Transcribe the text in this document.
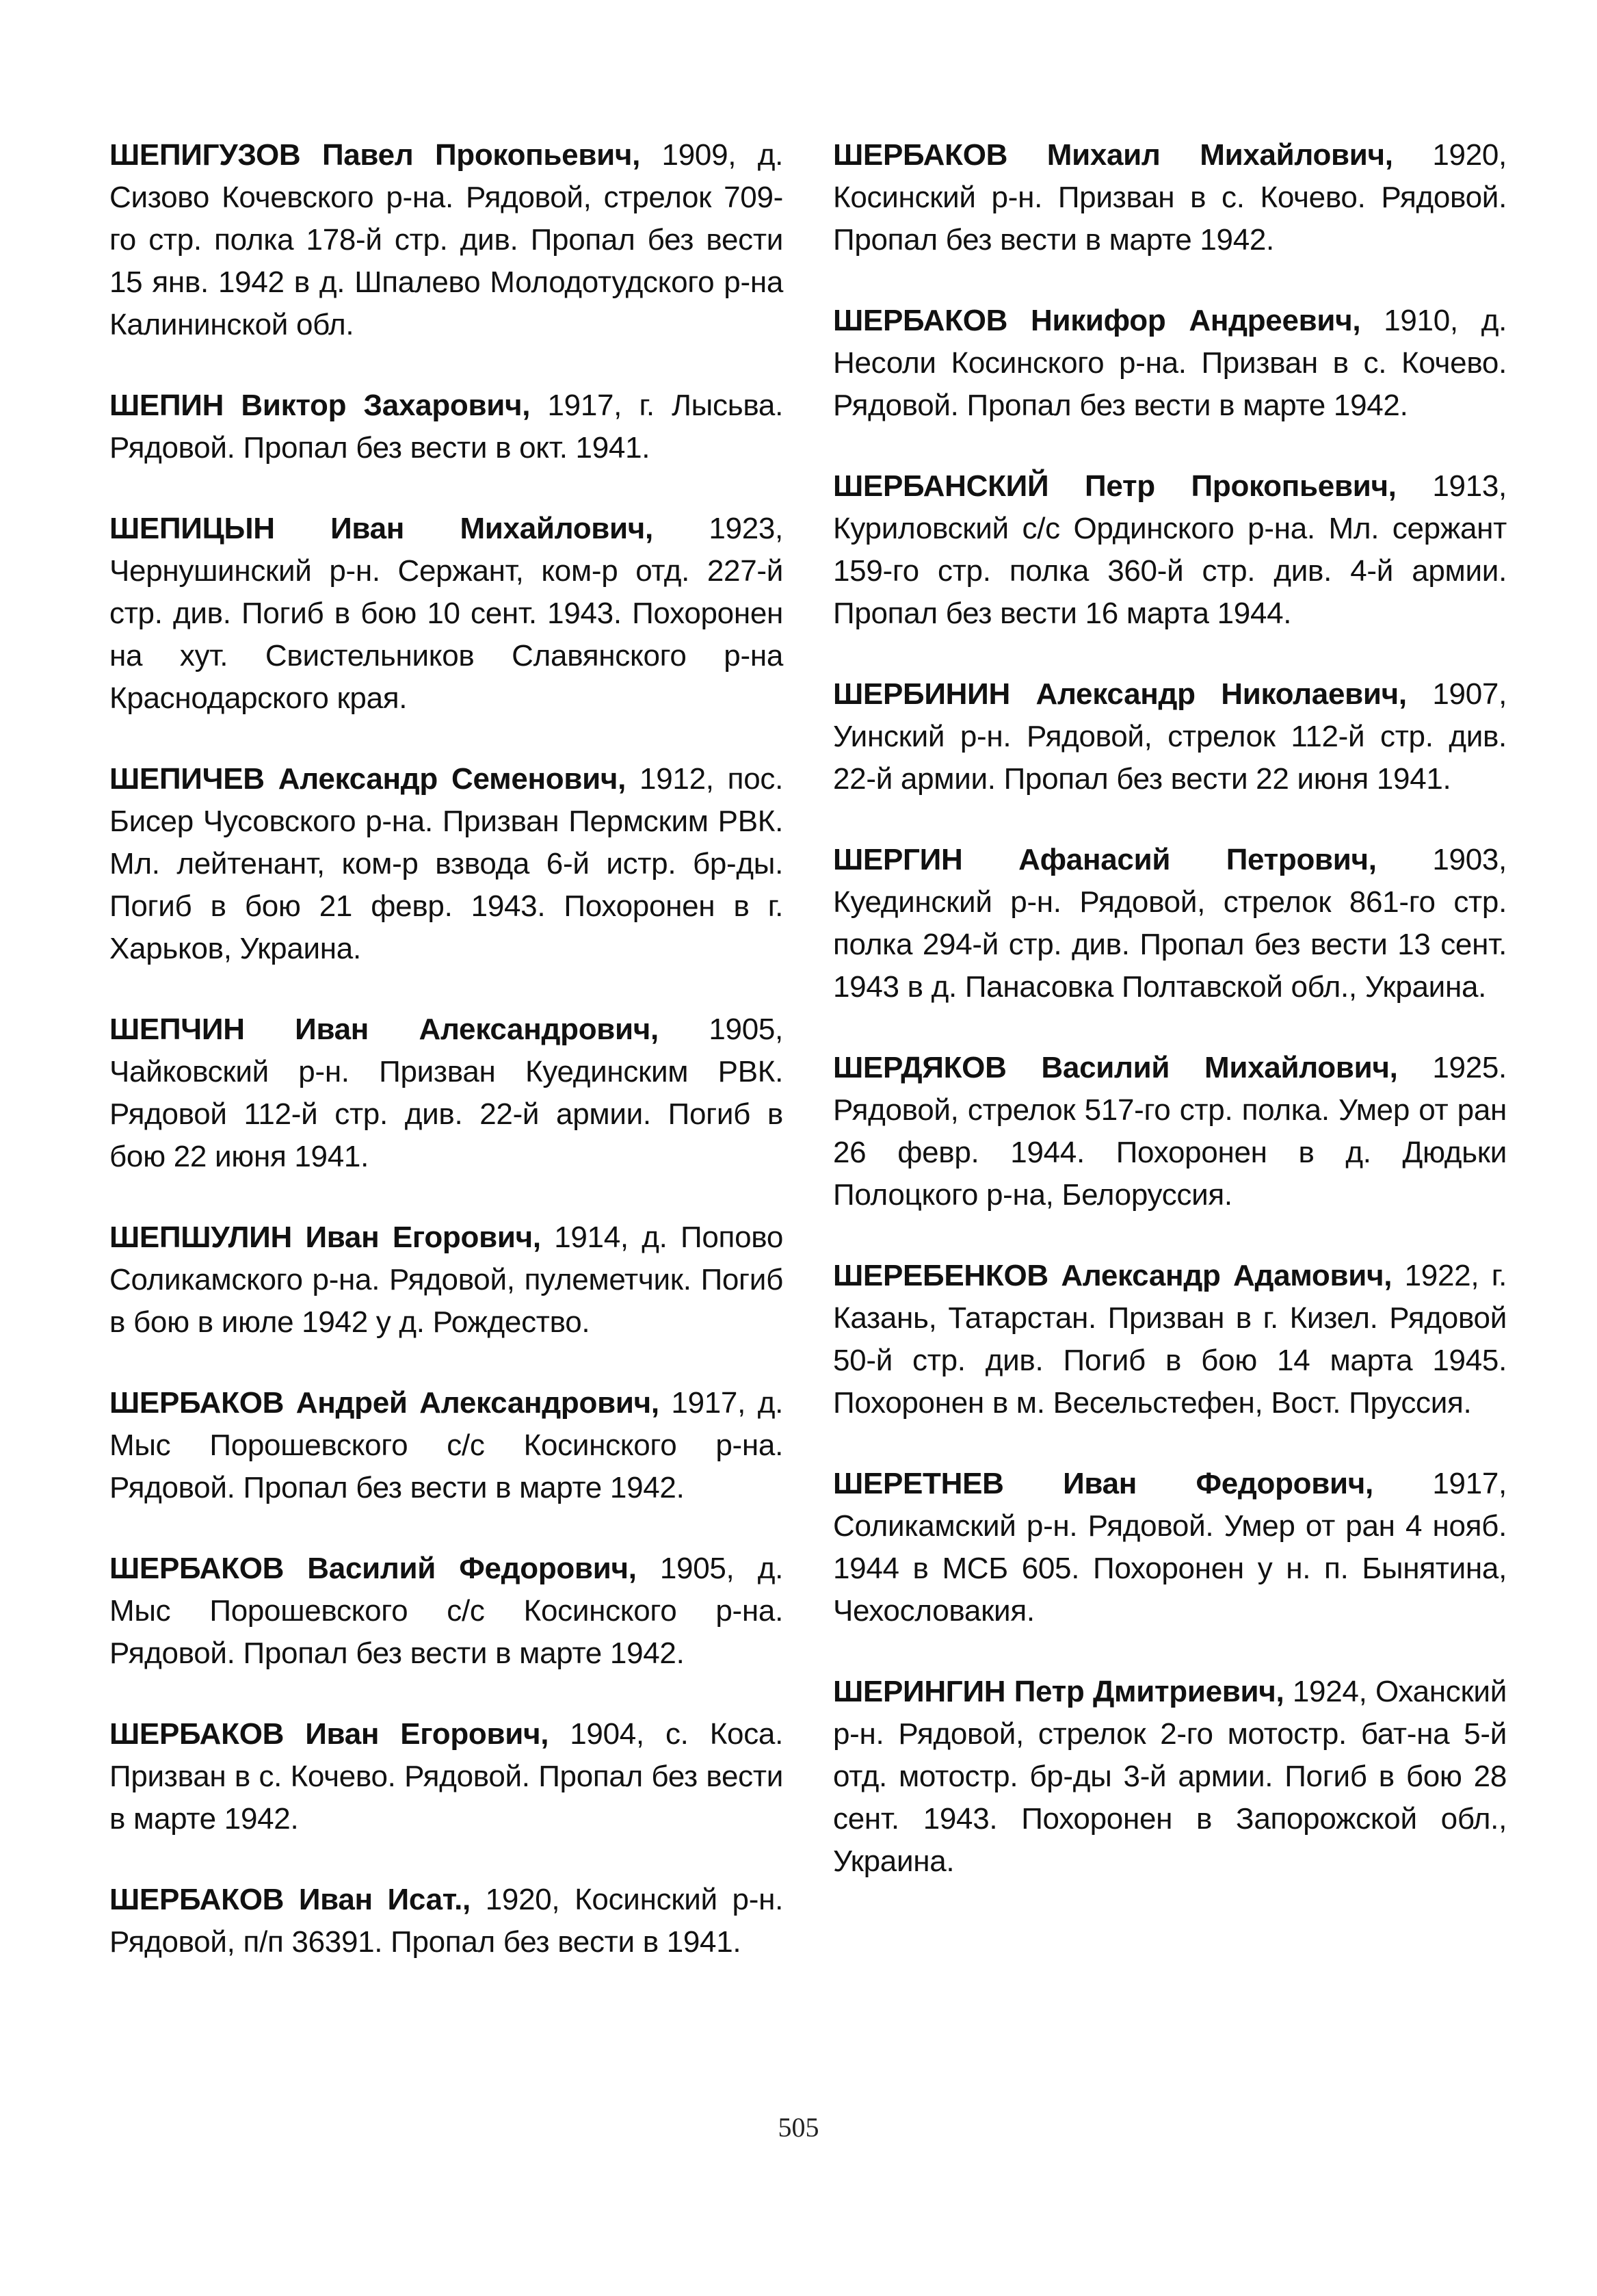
ШЕПИГУЗОВ Павел Прокопьевич, 1909, д. Сизово Кочевского р-на. Рядовой, стрелок 709-го стр. полка 178-й стр. див. Пропал без вести 15 янв. 1942 в д. Шпалево Молодотудского р-на Калининской обл.

ШЕПИН Виктор Захарович, 1917, г. Лысьва. Рядовой. Пропал без вести в окт. 1941.

ШЕПИЦЫН Иван Михайлович, 1923, Чернушинский р-н. Сержант, ком-р отд. 227-й стр. див. Погиб в бою 10 сент. 1943. Похоронен на хут. Свистельников Славянского р-на Краснодарского края.

ШЕПИЧЕВ Александр Семенович, 1912, пос. Бисер Чусовского р-на. Призван Пермским РВК. Мл. лейтенант, ком-р взвода 6-й истр. бр-ды. Погиб в бою 21 февр. 1943. Похоронен в г. Харьков, Украина.

ШЕПЧИН Иван Александрович, 1905, Чайковский р-н. Призван Куединским РВК. Рядовой 112-й стр. див. 22-й армии. Погиб в бою 22 июня 1941.

ШЕПШУЛИН Иван Егорович, 1914, д. Попово Соликамского р-на. Рядовой, пулеметчик. Погиб в бою в июле 1942 у д. Рождество.

ШЕРБАКОВ Андрей Александрович, 1917, д. Мыс Порошевского с/с Косинского р-на. Рядовой. Пропал без вести в марте 1942.

ШЕРБАКОВ Василий Федорович, 1905, д. Мыс Порошевского с/с Косинского р-на. Рядовой. Пропал без вести в марте 1942.

ШЕРБАКОВ Иван Егорович, 1904, с. Коса. Призван в с. Кочево. Рядовой. Пропал без вести в марте 1942.

ШЕРБАКОВ Иван Исат., 1920, Косинский р-н. Рядовой, п/п 36391. Пропал без вести в 1941.

ШЕРБАКОВ Михаил Михайлович, 1920, Косинский р-н. Призван в с. Кочево. Рядовой. Пропал без вести в марте 1942.

ШЕРБАКОВ Никифор Андреевич, 1910, д. Несоли Косинского р-на. Призван в с. Кочево. Рядовой. Пропал без вести в марте 1942.

ШЕРБАНСКИЙ Петр Прокопьевич, 1913, Куриловский с/с Ординского р-на. Мл. сержант 159-го стр. полка 360-й стр. див. 4-й армии. Пропал без вести 16 марта 1944.

ШЕРБИНИН Александр Николаевич, 1907, Уинский р-н. Рядовой, стрелок 112-й стр. див. 22-й армии. Пропал без вести 22 июня 1941.

ШЕРГИН Афанасий Петрович, 1903, Куединский р-н. Рядовой, стрелок 861-го стр. полка 294-й стр. див. Пропал без вести 13 сент. 1943 в д. Панасовка Полтавской обл., Украина.

ШЕРДЯКОВ Василий Михайлович, 1925. Рядовой, стрелок 517-го стр. полка. Умер от ран 26 февр. 1944. Похоронен в д. Дюдьки Полоцкого р-на, Белоруссия.

ШЕРЕБЕНКОВ Александр Адамович, 1922, г. Казань, Татарстан. Призван в г. Кизел. Рядовой 50-й стр. див. Погиб в бою 14 марта 1945. Похоронен в м. Весельстефен, Вост. Пруссия.

ШЕРЕТНЕВ Иван Федорович, 1917, Соликамский р-н. Рядовой. Умер от ран 4 нояб. 1944 в МСБ 605. Похоронен у н. п. Бынятина, Чехословакия.

ШЕРИНГИН Петр Дмитриевич, 1924, Оханский р-н. Рядовой, стрелок 2-го мотостр. бат-на 5-й отд. мотостр. бр-ды 3-й армии. Погиб в бою 28 сент. 1943. Похоронен в Запорожской обл., Украина.

505
